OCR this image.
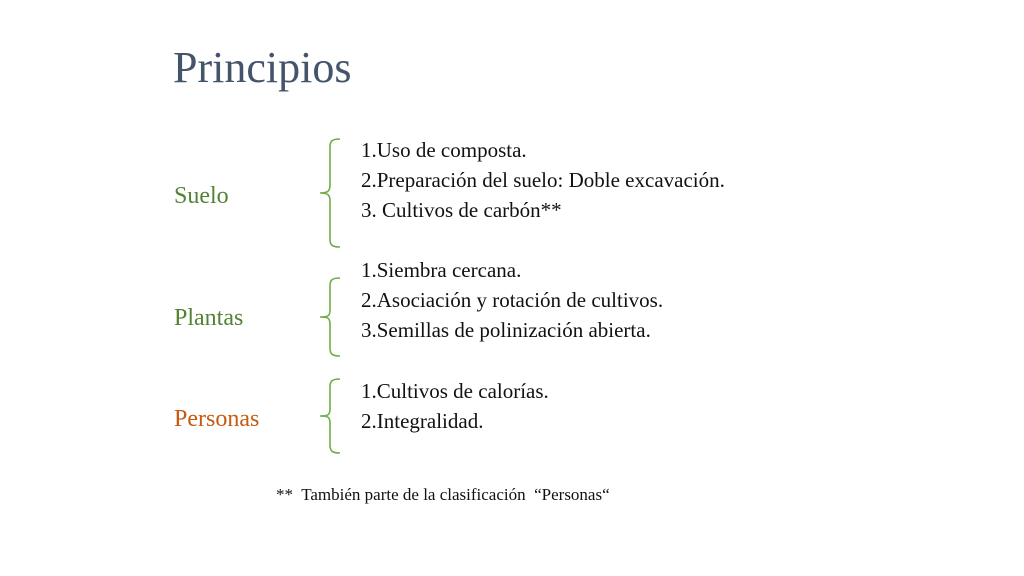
Principios
Suelo
1.Uso de composta.
2.Preparación del suelo: Doble excavación.
3. Cultivos de carbón**
Plantas
1.Siembra cercana.
2.Asociación y rotación de cultivos.
3.Semillas de polinización abierta.
Personas
1.Cultivos de calorías.
2.Integralidad.
**  También parte de la clasificación  “Personas“
